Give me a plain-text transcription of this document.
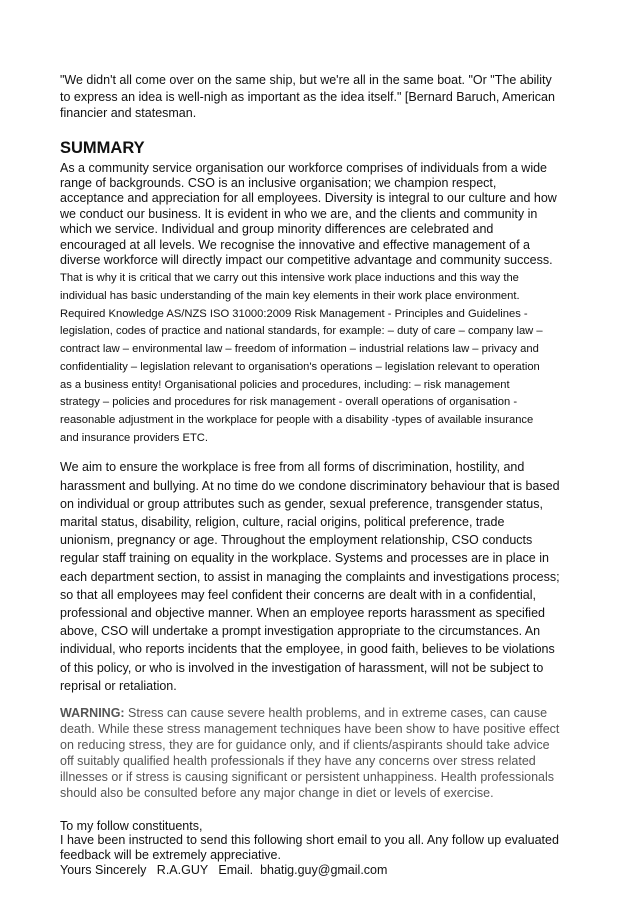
"We didn't all come over on the same ship, but we're all in the same boat. "Or "The ability
to express an idea is well-nigh as important as the idea itself." [Bernard Baruch, American
financier and statesman.
SUMMARY
As a community service organisation our workforce comprises of individuals from a wide
range of backgrounds. CSO is an inclusive organisation; we champion respect,
acceptance and appreciation for all employees. Diversity is integral to our culture and how
we conduct our business. It is evident in who we are, and the clients and community in
which we service. Individual and group minority differences are celebrated and
encouraged at all levels. We recognise the innovative and effective management of a
diverse workforce will directly impact our competitive advantage and community success.
That is why it is critical that we carry out this intensive work place inductions and this way the
individual has basic understanding of the main key elements in their work place environment.
Required Knowledge AS/NZS ISO 31000:2009 Risk Management - Principles and Guidelines -
legislation, codes of practice and national standards, for example: – duty of care – company law –
contract law – environmental law – freedom of information – industrial relations law – privacy and
confidentiality – legislation relevant to organisation's operations – legislation relevant to operation
as a business entity! Organisational policies and procedures, including: – risk management
strategy – policies and procedures for risk management - overall operations of organisation -
reasonable adjustment in the workplace for people with a disability -types of available insurance
and insurance providers ETC.
We aim to ensure the workplace is free from all forms of discrimination, hostility, and
harassment and bullying. At no time do we condone discriminatory behaviour that is based
on individual or group attributes such as gender, sexual preference, transgender status,
marital status, disability, religion, culture, racial origins, political preference, trade
unionism, pregnancy or age. Throughout the employment relationship, CSO conducts
regular staff training on equality in the workplace. Systems and processes are in place in
each department section, to assist in managing the complaints and investigations process;
so that all employees may feel confident their concerns are dealt with in a confidential,
professional and objective manner. When an employee reports harassment as specified
above, CSO will undertake a prompt investigation appropriate to the circumstances. An
individual, who reports incidents that the employee, in good faith, believes to be violations
of this policy, or who is involved in the investigation of harassment, will not be subject to
reprisal or retaliation.
WARNING: Stress can cause severe health problems, and in extreme cases, can cause
death. While these stress management techniques have been show to have positive effect
on reducing stress, they are for guidance only, and if clients/aspirants should take advice
off suitably qualified health professionals if they have any concerns over stress related
illnesses or if stress is causing significant or persistent unhappiness. Health professionals
should also be consulted before any major change in diet or levels of exercise.
To my follow constituents,
I have been instructed to send this following short email to you all. Any follow up evaluated
feedback will be extremely appreciative.
Yours Sincerely   R.A.GUY   Email.  bhatig.guy@gmail.com
